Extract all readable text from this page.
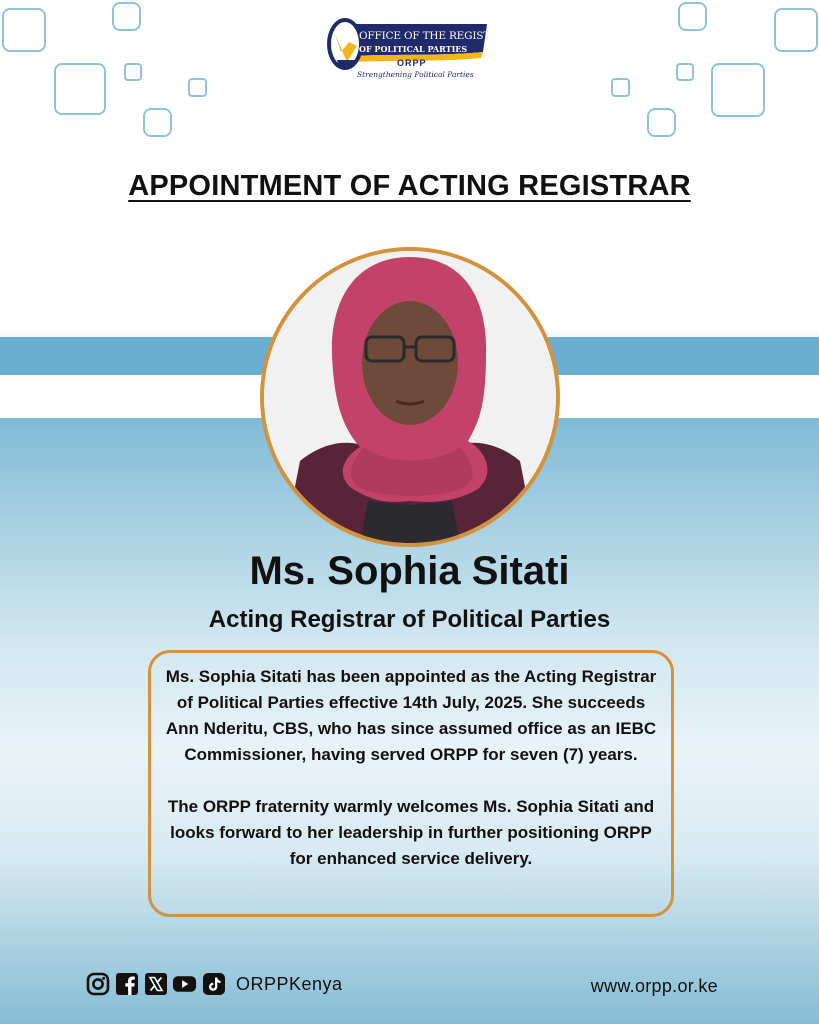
OFFICE OF THE REGISTRAR
OF POLITICAL PARTIES
ORPP
Strengthening Political Parties
APPOINTMENT OF ACTING REGISTRAR
Ms. Sophia Sitati
Acting Registrar of Political Parties

Ms. Sophia Sitati has been appointed as the Acting Registrar of Political Parties effective 14th July, 2025. She succeeds Ann Nderitu, CBS, who has since assumed office as an IEBC Commissioner, having served ORPP for seven (7) years.

The ORPP fraternity warmly welcomes Ms. Sophia Sitati and looks forward to her leadership in further positioning ORPP for enhanced service delivery.

ORPPKenya	www.orpp.or.ke
